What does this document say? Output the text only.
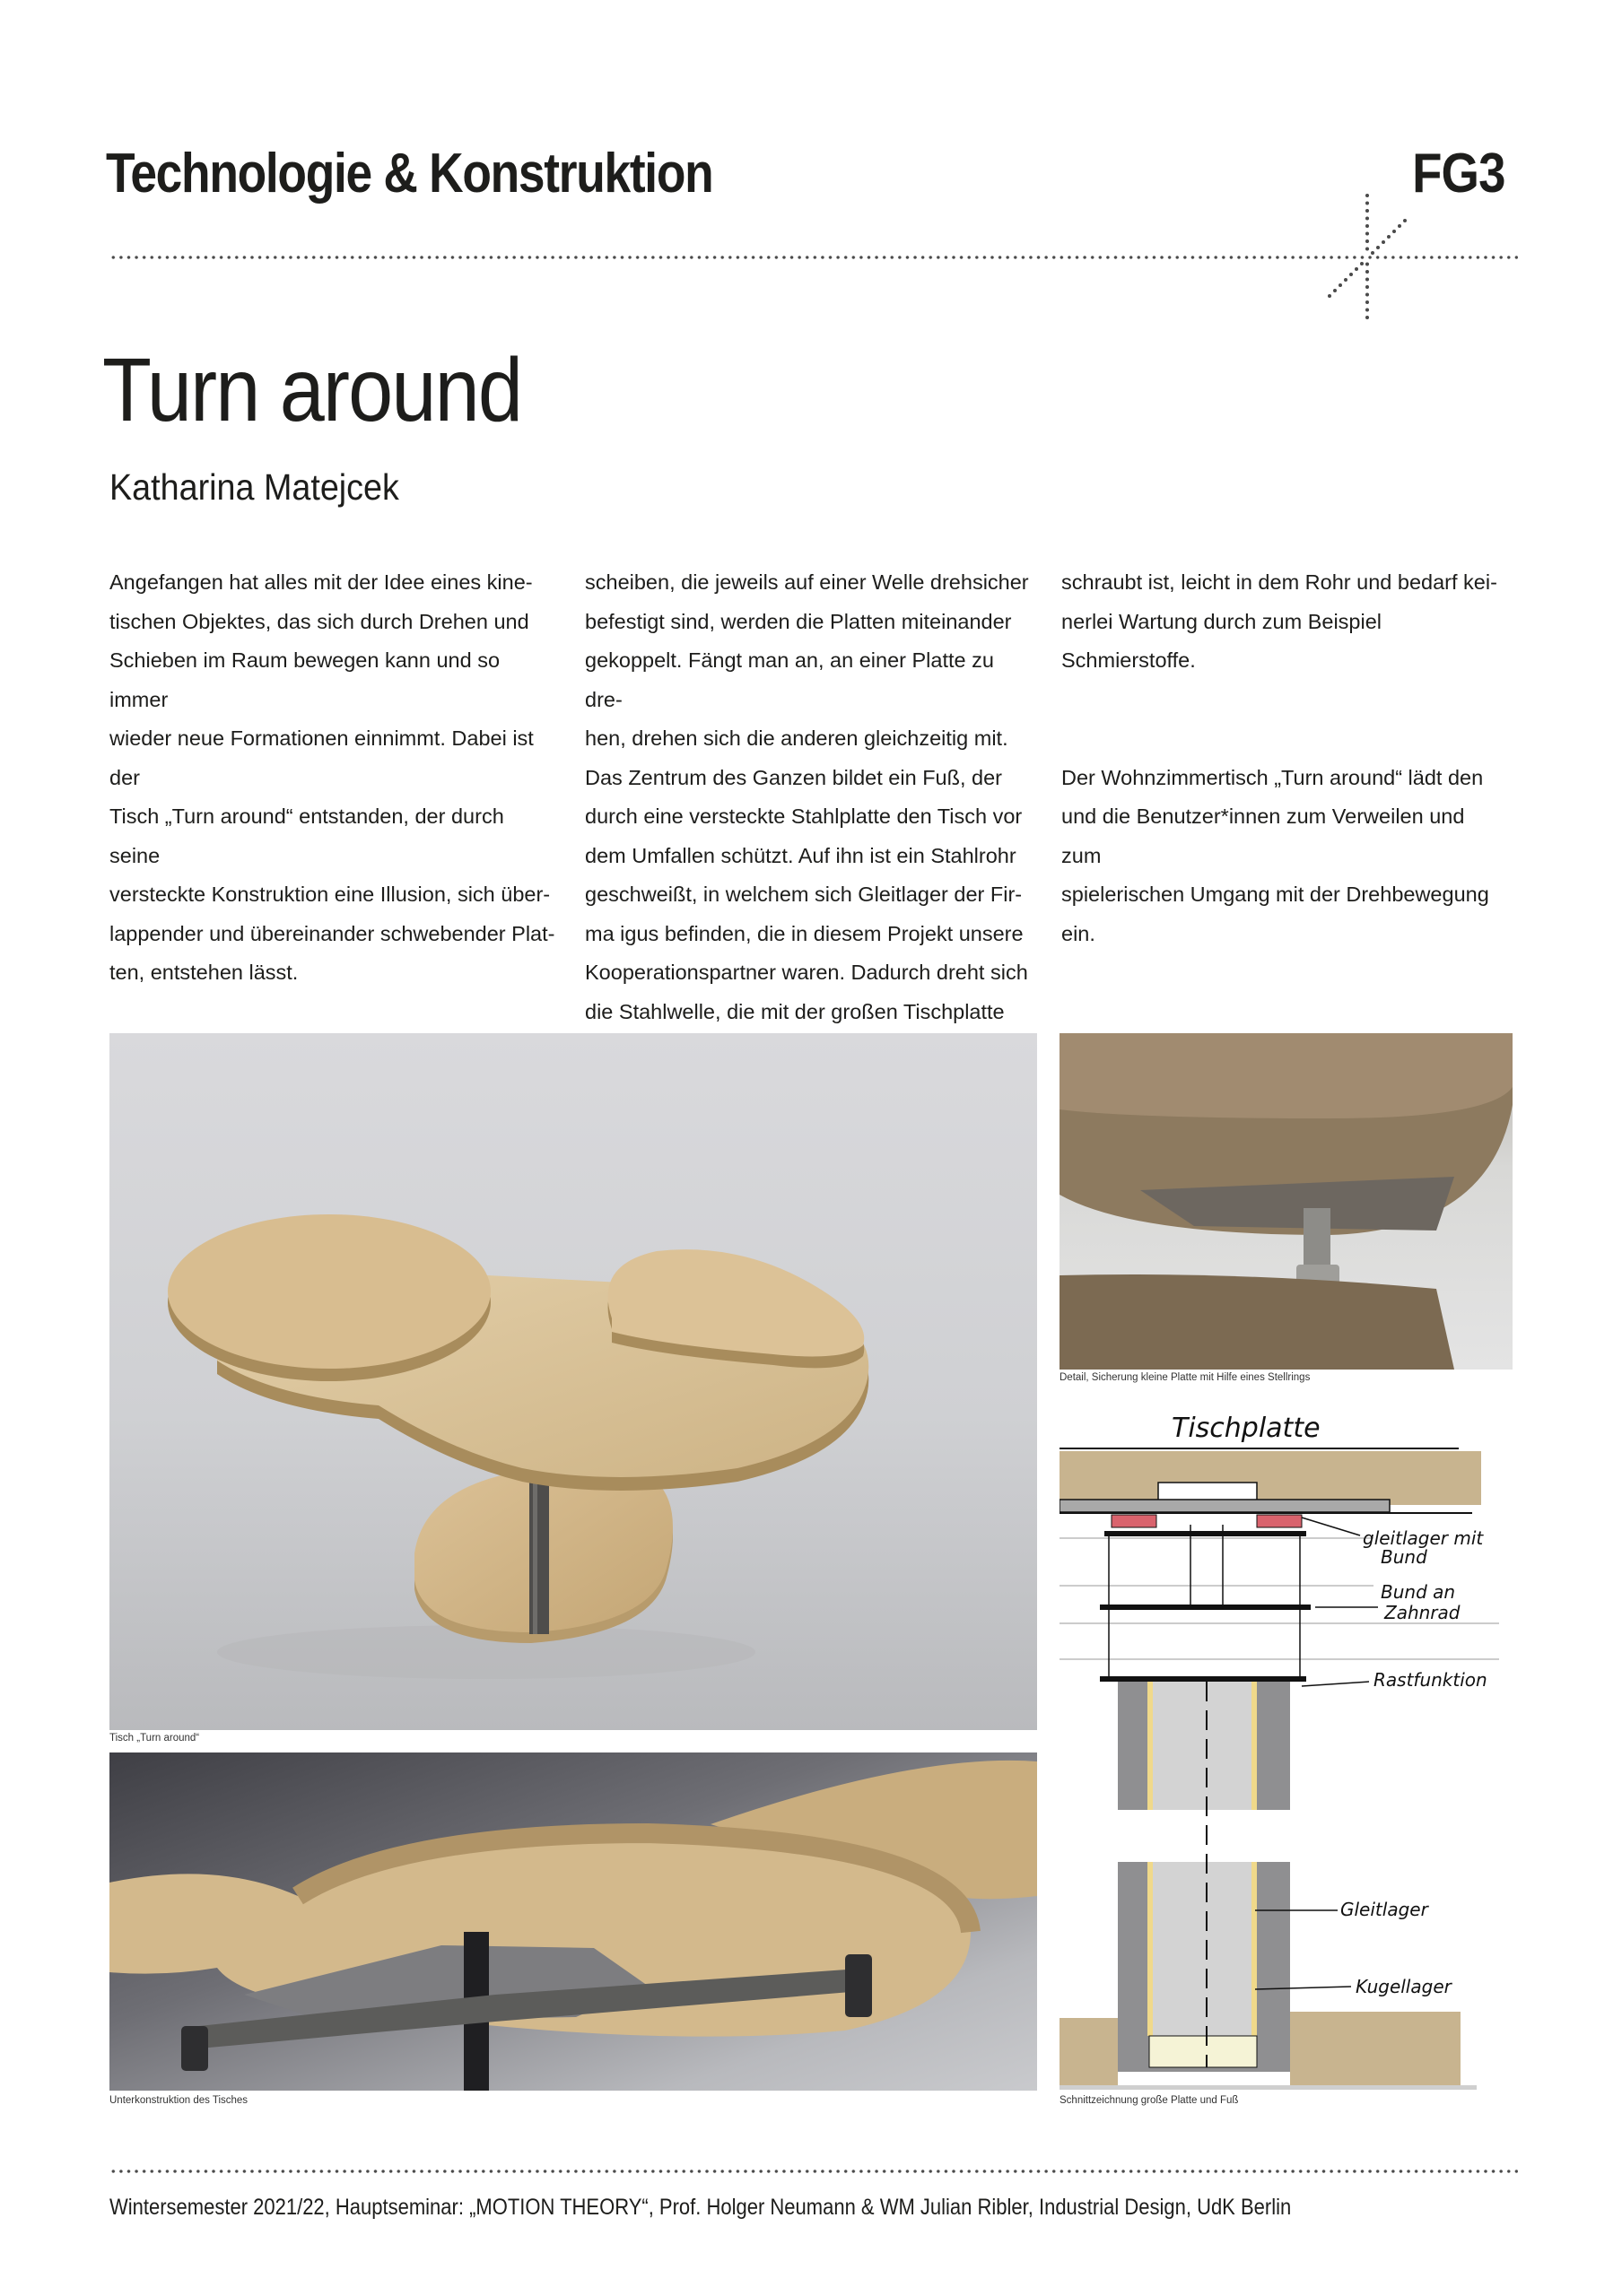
Technologie & Konstruktion	FG3
Turn around
Katharina Matejcek

Angefangen hat alles mit der Idee eines kine-
tischen Objektes, das sich durch Drehen und
Schieben im Raum bewegen kann und so immer
wieder neue Formationen einnimmt. Dabei ist der
Tisch „Turn around“ entstanden, der durch seine
versteckte Konstruktion eine Illusion, sich über-
lappender und übereinander schwebender Plat-
ten, entstehen lässt.

scheiben, die jeweils auf einer Welle drehsicher
befestigt sind, werden die Platten miteinander
gekoppelt. Fängt man an, an einer Platte zu dre-
hen, drehen sich die anderen gleichzeitig mit.
Das Zentrum des Ganzen bildet ein Fuß, der
durch eine versteckte Stahlplatte den Tisch vor
dem Umfallen schützt. Auf ihn ist ein Stahlrohr
geschweißt, in welchem sich Gleitlager der Fir-
ma igus befinden, die in diesem Projekt unsere
Kooperationspartner waren. Dadurch dreht sich
die Stahlwelle, die mit der großen Tischplatte

schraubt ist, leicht in dem Rohr und bedarf kei-
nerlei Wartung durch zum Beispiel Schmierstoffe.

Der Wohnzimmertisch „Turn around“ lädt den
und die Benutzer*innen zum Verweilen und zum
spielerischen Umgang mit der Drehbewegung ein.

Tisch „Turn around“
Unterkonstruktion des Tisches
Detail, Sicherung kleine Platte mit Hilfe eines Stellrings
Tischplatte
gleitlager mit
Bund
Bund an
Zahnrad
Rastfunktion
Gleitlager
Kugellager
Schnittzeichnung große Platte und Fuß
Wintersemester 2021/22, Hauptseminar: „MOTION THEORY“, Prof. Holger Neumann & WM Julian Ribler, Industrial Design, UdK Berlin
